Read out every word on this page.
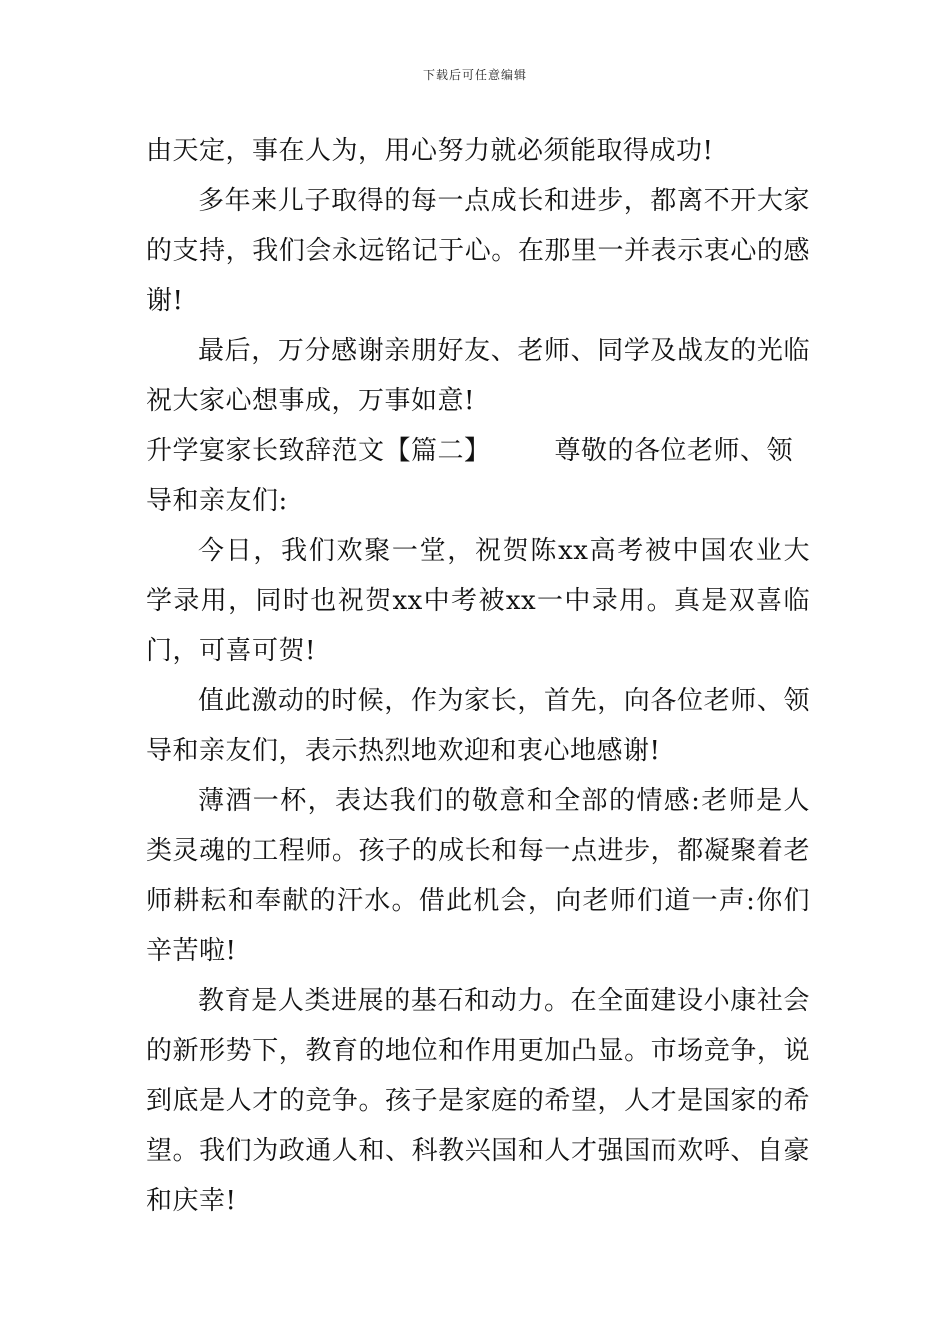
下载后可任意编辑

由天定，事在人为，用心努力就必须能取得成功!

多年来儿子取得的每一点成长和进步，都离不开大家的支持，我们会永远铭记于心。在那里一并表示衷心的感谢!

最后，万分感谢亲朋好友、老师、同学及战友的光临祝大家心想事成，万事如意!

升学宴家长致辞范文【篇二】 尊敬的各位老师、领导和亲友们:

今日，我们欢聚一堂，祝贺陈xx高考被中国农业大学录用，同时也祝贺xx中考被xx一中录用。真是双喜临门，可喜可贺!

值此激动的时候，作为家长，首先，向各位老师、领导和亲友们，表示热烈地欢迎和衷心地感谢!

薄酒一杯，表达我们的敬意和全部的情感:老师是人类灵魂的工程师。孩子的成长和每一点进步，都凝聚着老师耕耘和奉献的汗水。借此机会，向老师们道一声:你们辛苦啦!

教育是人类进展的基石和动力。在全面建设小康社会的新形势下，教育的地位和作用更加凸显。市场竞争，说到底是人才的竞争。孩子是家庭的希望，人才是国家的希望。我们为政通人和、科教兴国和人才强国而欢呼、自豪和庆幸!
